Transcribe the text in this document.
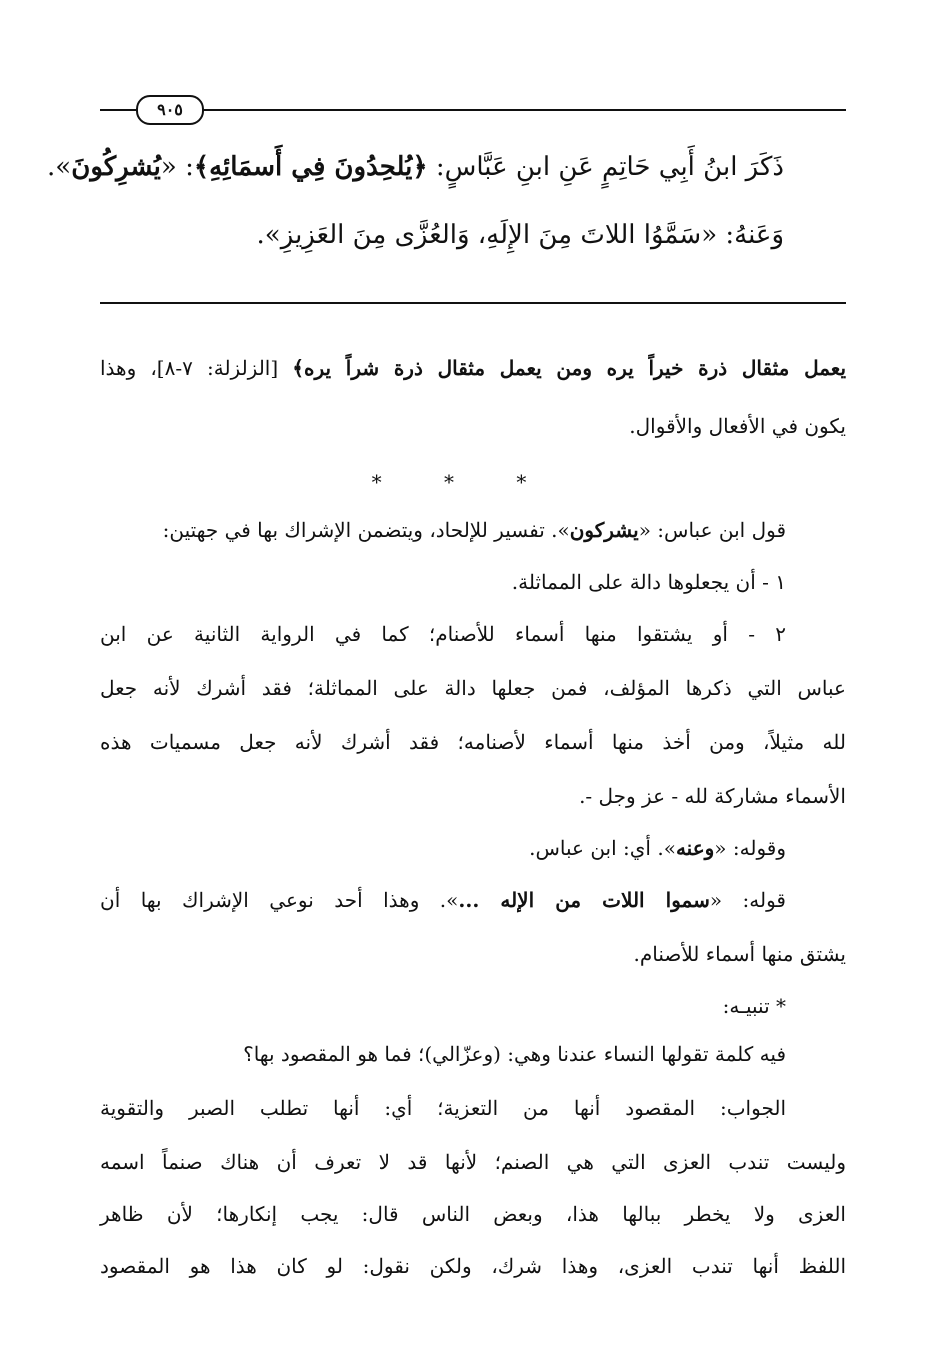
٩٠٥
ذَكَرَ ابنُ أَبِي حَاتِمٍ عَنِ ابنِ عَبَّاسٍ: ﴿يُلحِدُونَ فِي أَسمَائِهِ﴾: «يُشرِكُونَ».
وَعَنهُ: «سَمَّوُا اللاتَ مِنَ الإِلَهِ، وَالعُزَّى مِنَ العَزِيزِ».
يعمل مثقال ذرة خيراً يره ومن يعمل مثقال ذرة شراً يره﴾ [الزلزلة: ٧-٨]، وهذا
يكون في الأفعال والأقوال.
* * *
قول ابن عباس: «يشركون». تفسير للإلحاد، ويتضمن الإشراك بها في جهتين:
١ - أن يجعلوها دالة على المماثلة.
٢ - أو يشتقوا منها أسماء للأصنام؛ كما في الرواية الثانية عن ابن
عباس التي ذكرها المؤلف، فمن جعلها دالة على المماثلة؛ فقد أشرك لأنه جعل
لله مثيلاً، ومن أخذ منها أسماء لأصنامه؛ فقد أشرك لأنه جعل مسميات هذه
الأسماء مشاركة لله - عز وجل -.
وقوله: «وعنه». أي: ابن عباس.
قوله: «سموا اللات من الإله ...». وهذا أحد نوعي الإشراك بها أن
يشتق منها أسماء للأصنام.
* تنبيـه:
فيه كلمة تقولها النساء عندنا وهي: (وعزّالي)؛ فما هو المقصود بها؟
الجواب: المقصود أنها من التعزية؛ أي: أنها تطلب الصبر والتقوية
وليست تندب العزى التي هي الصنم؛ لأنها قد لا تعرف أن هناك صنماً اسمه
العزى ولا يخطر ببالها هذا، وبعض الناس قال: يجب إنكارها؛ لأن ظاهر
اللفظ أنها تندب العزى، وهذا شرك، ولكن نقول: لو كان هذا هو المقصود
